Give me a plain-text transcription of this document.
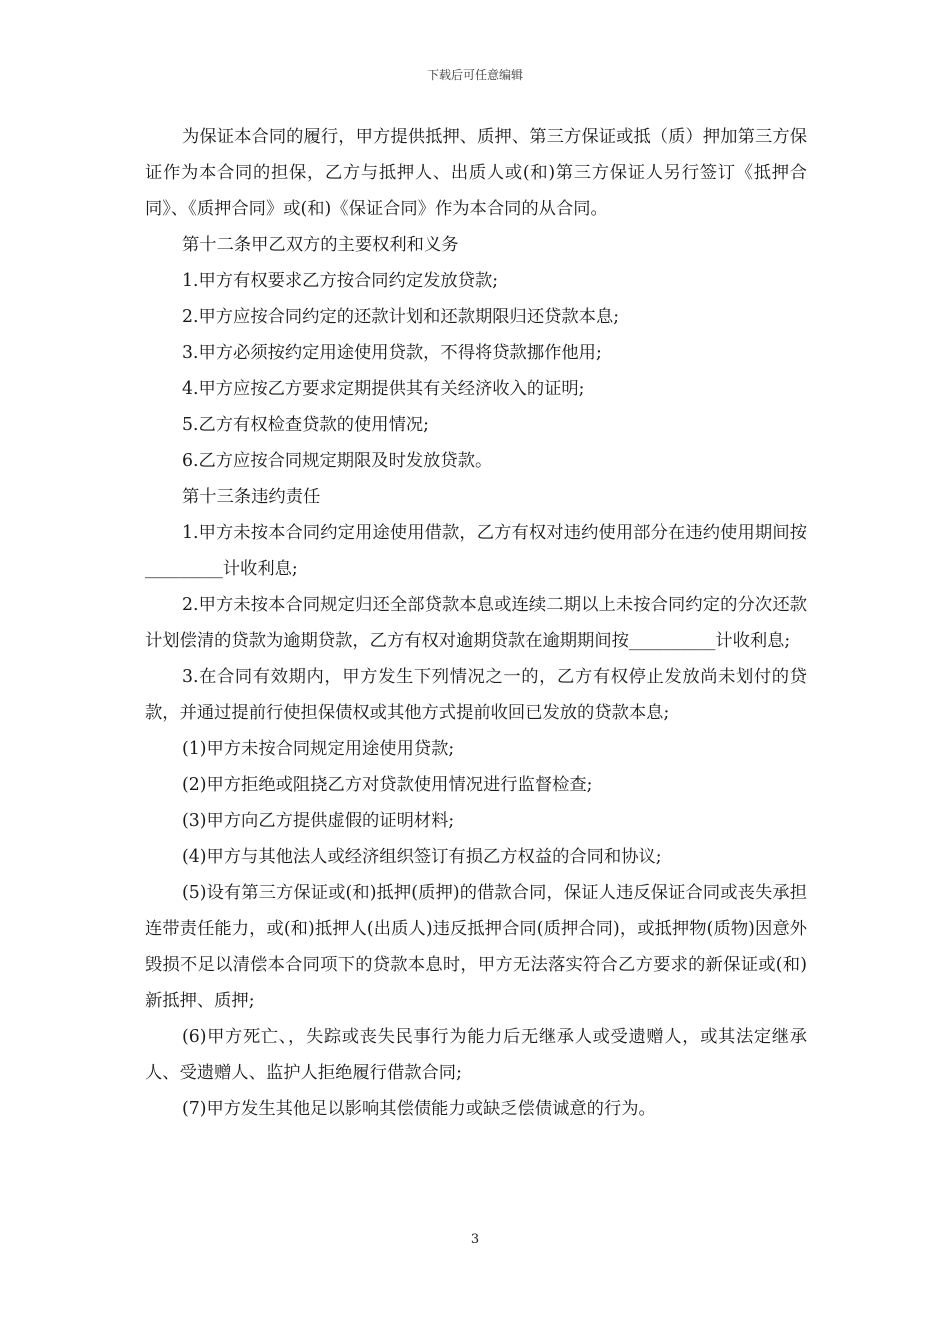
下载后可任意编辑

为保证本合同的履行，甲方提供抵押、质押、第三方保证或抵（质）押加第三方保证作为本合同的担保，乙方与抵押人、出质人或(和)第三方保证人另行签订《抵押合同》、《质押合同》或(和)《保证合同》作为本合同的从合同。

第十二条甲乙双方的主要权利和义务

1.甲方有权要求乙方按合同约定发放贷款;

2.甲方应按合同约定的还款计划和还款期限归还贷款本息;

3.甲方必须按约定用途使用贷款，不得将贷款挪作他用;

4.甲方应按乙方要求定期提供其有关经济收入的证明;

5.乙方有权检查贷款的使用情况;

6.乙方应按合同规定期限及时发放贷款。

第十三条违约责任

1.甲方未按本合同约定用途使用借款，乙方有权对违约使用部分在违约使用期间按_________计收利息;

2.甲方未按本合同规定归还全部贷款本息或连续二期以上未按合同约定的分次还款计划偿清的贷款为逾期贷款，乙方有权对逾期贷款在逾期期间按__________计收利息;

3.在合同有效期内，甲方发生下列情况之一的，乙方有权停止发放尚未划付的贷款，并通过提前行使担保债权或其他方式提前收回已发放的贷款本息;

(1)甲方未按合同规定用途使用贷款;

(2)甲方拒绝或阻挠乙方对贷款使用情况进行监督检查;

(3)甲方向乙方提供虚假的证明材料;

(4)甲方与其他法人或经济组织签订有损乙方权益的合同和协议;

(5)设有第三方保证或(和)抵押(质押)的借款合同，保证人违反保证合同或丧失承担连带责任能力，或(和)抵押人(出质人)违反抵押合同(质押合同)，或抵押物(质物)因意外毁损不足以清偿本合同项下的贷款本息时，甲方无法落实符合乙方要求的新保证或(和)新抵押、质押;

(6)甲方死亡、，失踪或丧失民事行为能力后无继承人或受遗赠人，或其法定继承人、受遗赠人、监护人拒绝履行借款合同;

(7)甲方发生其他足以影响其偿债能力或缺乏偿债诚意的行为。

3
